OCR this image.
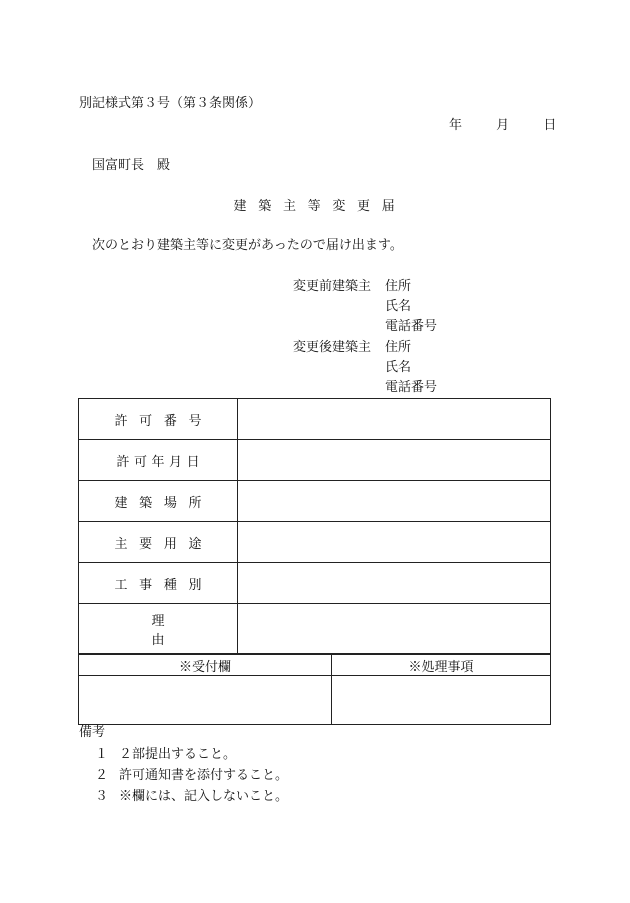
別記様式第３号（第３条関係）
年	月	日
国富町長　殿
建築主等変更届
次のとおり建築主等に変更があったので届け出ます。
変更前建築主 住所
氏名
電話番号
変更後建築主 住所
氏名
電話番号
許可番号	
許可年月日	
建築場所	
主要用途	
工事種別	
理由	
※受付欄	※処理事項

備考
１ ２部提出すること。
２ 許可通知書を添付すること。
３ ※欄には、記入しないこと。
